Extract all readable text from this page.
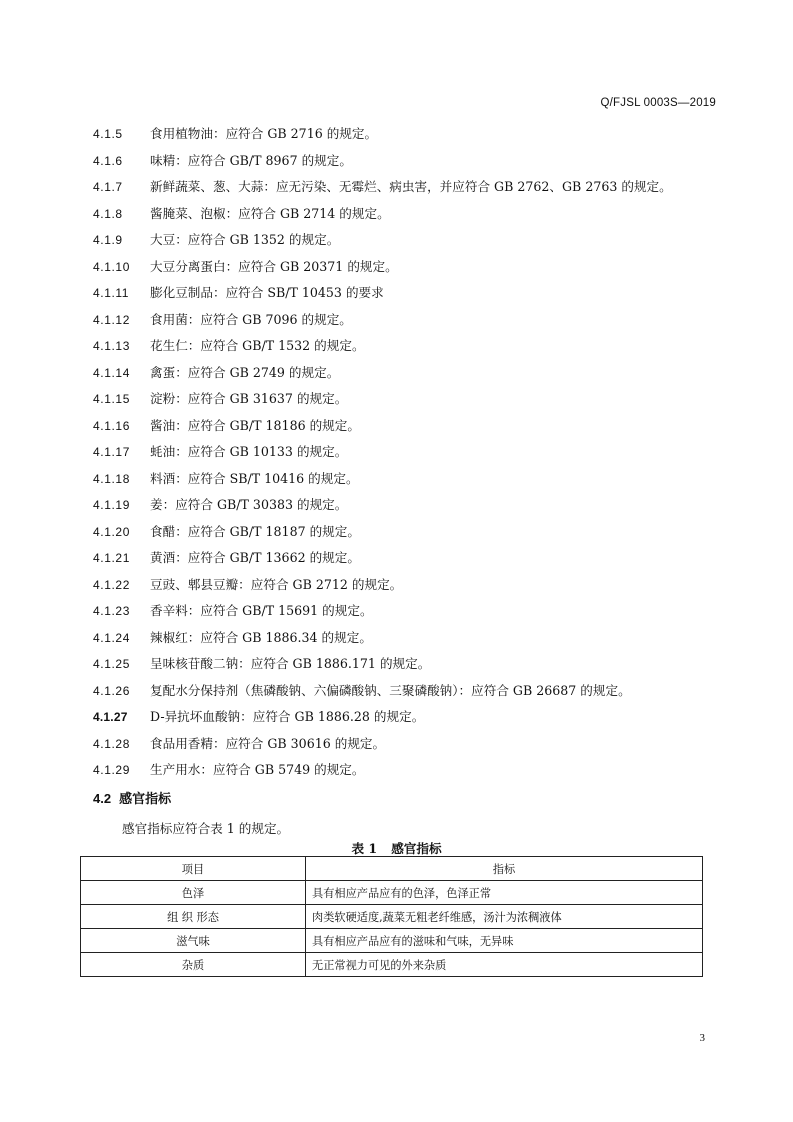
Q/FJSL 0003S—2019
4.1.5	食用植物油：应符合 GB 2716 的规定。
4.1.6	味精：应符合 GB/T 8967 的规定。
4.1.7	新鲜蔬菜、葱、大蒜：应无污染、无霉烂、病虫害，并应符合 GB 2762、GB 2763 的规定。
4.1.8	酱腌菜、泡椒：应符合 GB 2714 的规定。
4.1.9	大豆：应符合 GB 1352 的规定。
4.1.10	大豆分离蛋白：应符合 GB 20371 的规定。
4.1.11	膨化豆制品：应符合 SB/T 10453 的要求
4.1.12	食用菌：应符合 GB 7096 的规定。
4.1.13	花生仁：应符合 GB/T 1532 的规定。
4.1.14	禽蛋：应符合 GB 2749 的规定。
4.1.15	淀粉：应符合 GB 31637 的规定。
4.1.16	酱油：应符合 GB/T 18186 的规定。
4.1.17	蚝油：应符合 GB 10133 的规定。
4.1.18	料酒：应符合 SB/T 10416 的规定。
4.1.19	姜：应符合 GB/T 30383 的规定。
4.1.20	食醋：应符合 GB/T 18187 的规定。
4.1.21	黄酒：应符合 GB/T 13662 的规定。
4.1.22	豆豉、郫县豆瓣：应符合 GB 2712 的规定。
4.1.23	香辛料：应符合 GB/T 15691 的规定。
4.1.24	辣椒红：应符合 GB 1886.34 的规定。
4.1.25	呈味核苷酸二钠：应符合 GB 1886.171 的规定。
4.1.26	复配水分保持剂（焦磷酸钠、六偏磷酸钠、三聚磷酸钠）：应符合 GB 26687 的规定。
4.1.27	D-异抗坏血酸钠：应符合 GB 1886.28 的规定。
4.1.28	食品用香精：应符合 GB 30616 的规定。
4.1.29	生产用水：应符合 GB 5749 的规定。
4.2 感官指标
感官指标应符合表 1 的规定。
表 1 感官指标
项目	指标
色泽	具有相应产品应有的色泽，色泽正常
组 织 形态	肉类软硬适度,蔬菜无粗老纤维感，汤汁为浓稠液体
滋气味	具有相应产品应有的滋味和气味，无异味
杂质	无正常视力可见的外来杂质
3
